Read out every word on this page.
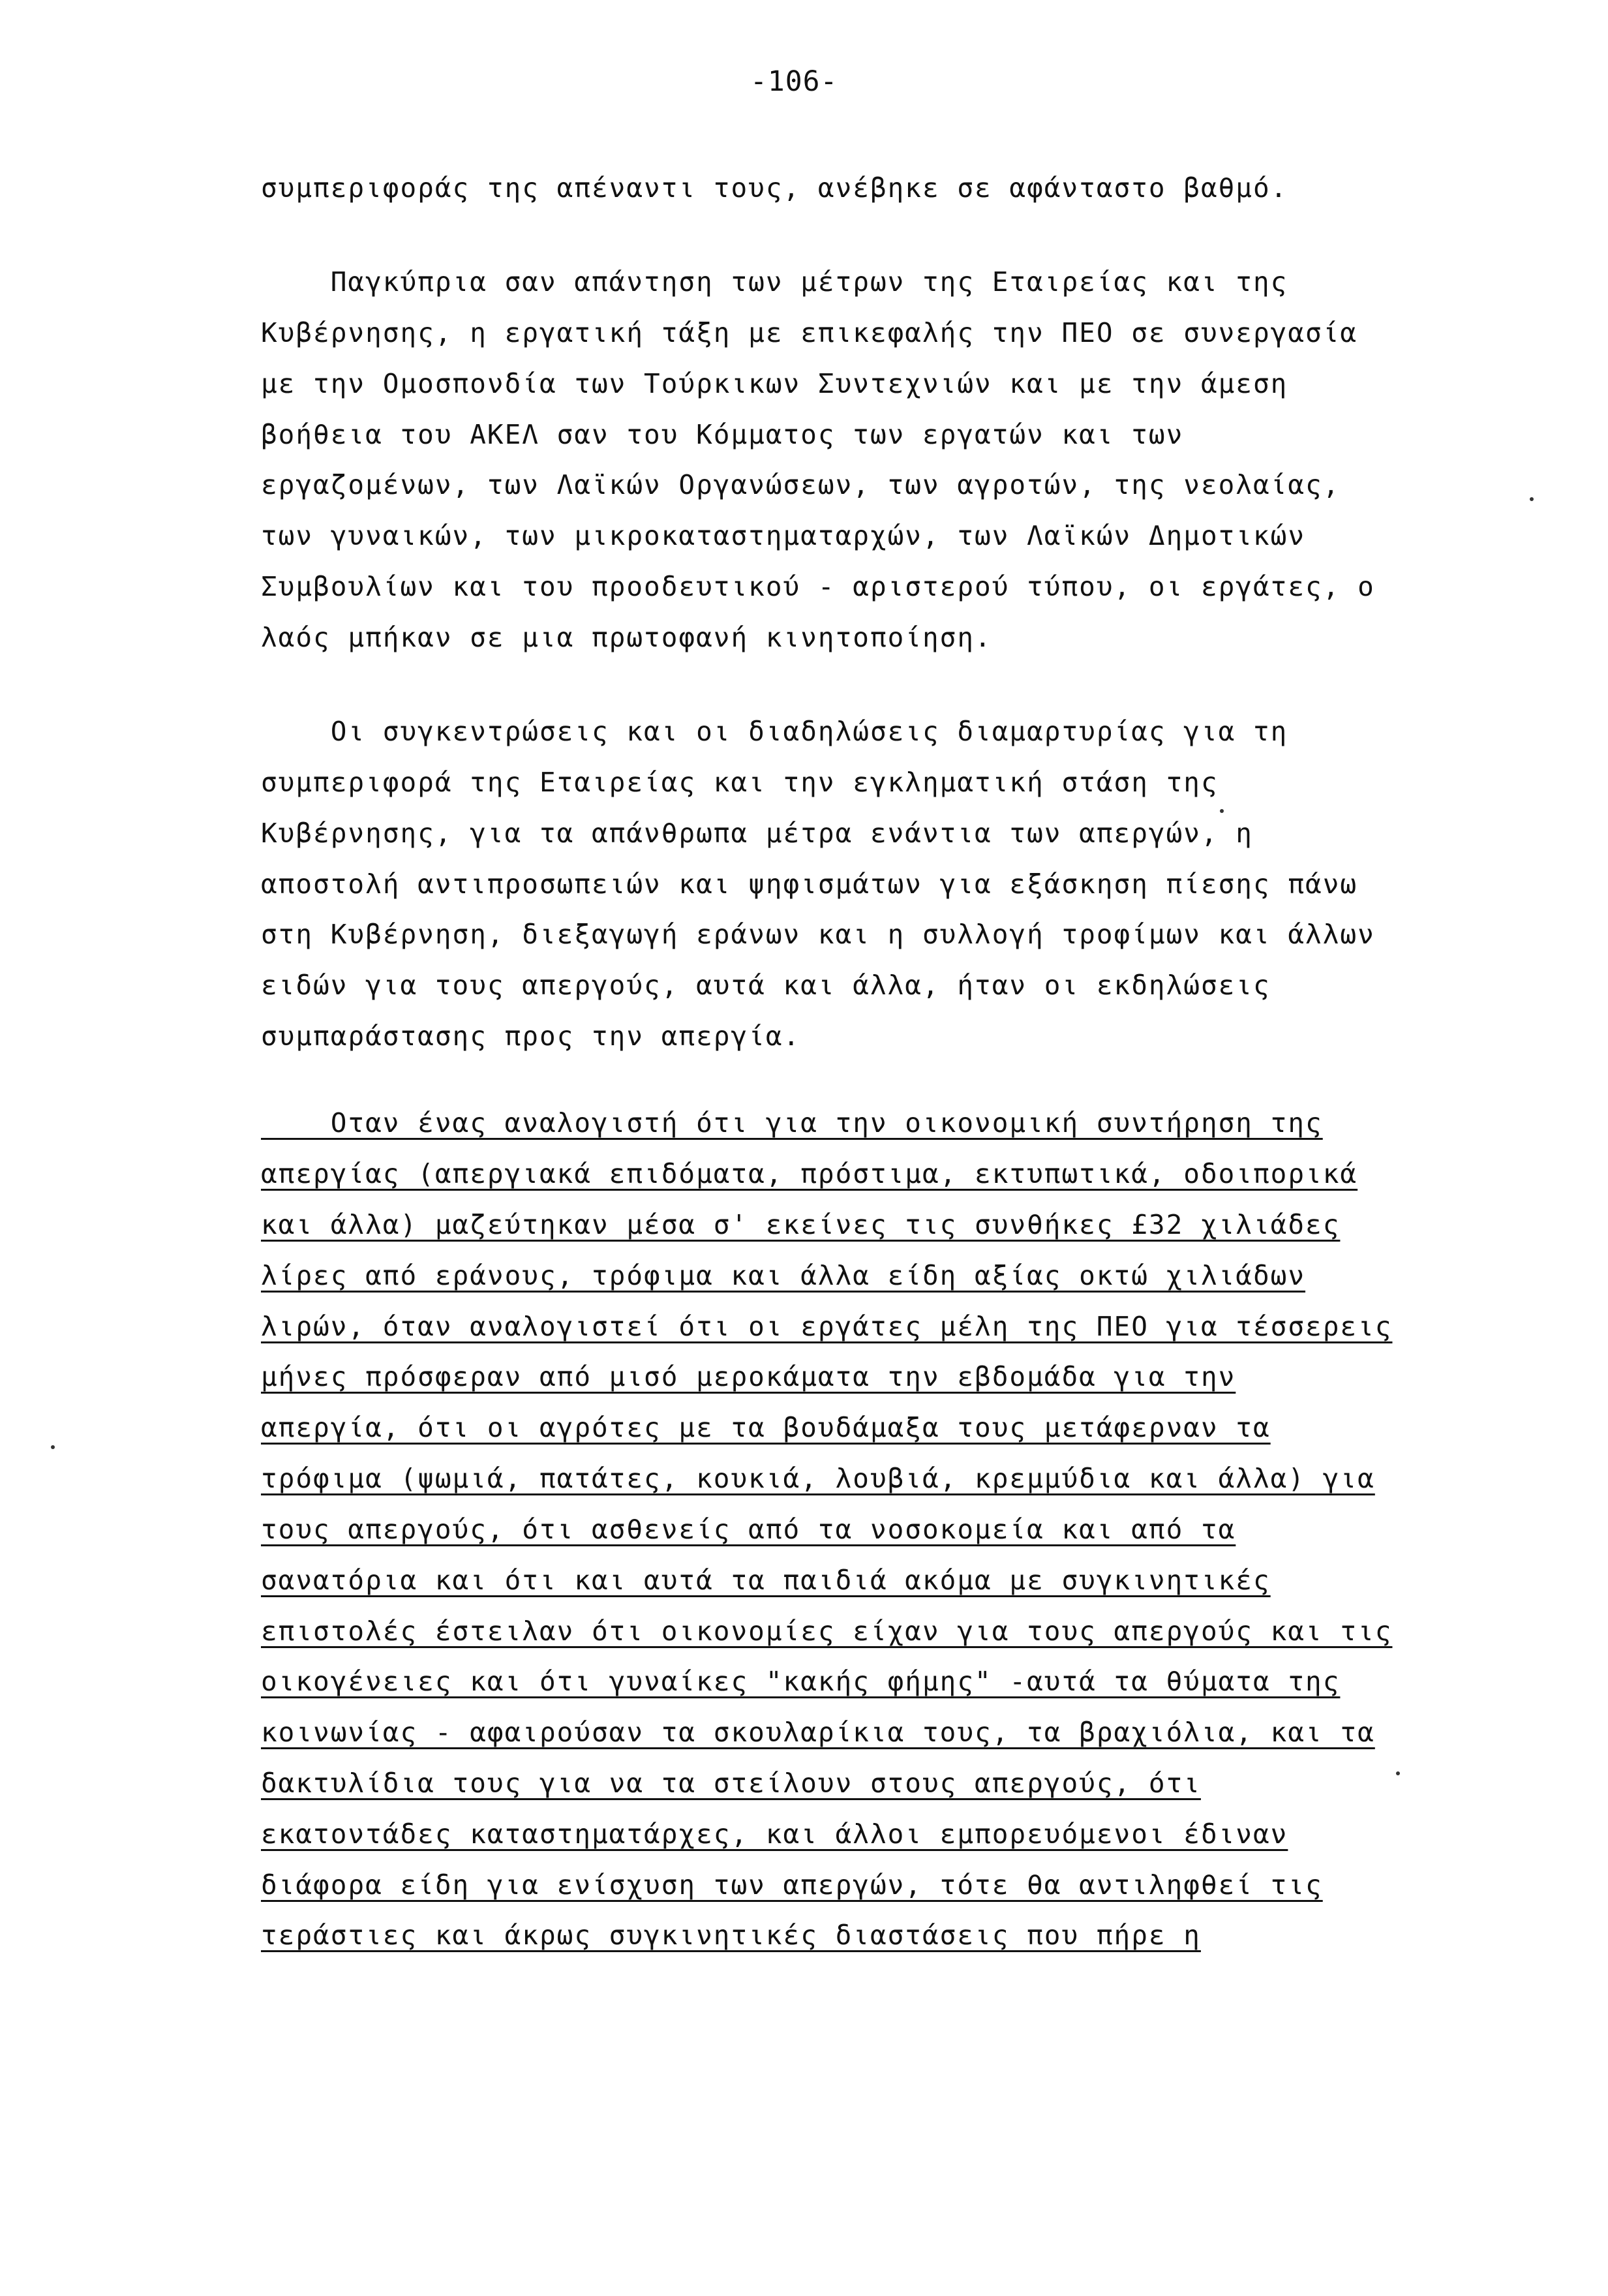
-106-
συμπεριφοράς της απέναντι τους, ανέβηκε σε αφάνταστο βαθμό.
Παγκύπρια σαν απάντηση των μέτρων της Εταιρείας και της
Κυβέρνησης, η εργατική τάξη με επικεφαλής την ΠΕΟ σε συνεργασία
με την Ομοσπονδία των Τούρκικων Συντεχνιών και με την άμεση
βοήθεια του ΑΚΕΛ σαν του Κόμματος των εργατών και των
εργαζομένων, των Λαϊκών Οργανώσεων, των αγροτών, της νεολαίας,
των γυναικών, των μικροκαταστηματαρχών, των Λαϊκών Δημοτικών
Συμβουλίων και του προοδευτικού - αριστερού τύπου, οι εργάτες, ο
λαός μπήκαν σε μια πρωτοφανή κινητοποίηση.
Οι συγκεντρώσεις και οι διαδηλώσεις διαμαρτυρίας για τη
συμπεριφορά της Εταιρείας και την εγκληματική στάση της
Κυβέρνησης, για τα απάνθρωπα μέτρα ενάντια των απεργών, η
αποστολή αντιπροσωπειών και ψηφισμάτων για εξάσκηση πίεσης πάνω
στη Κυβέρνηση, διεξαγωγή εράνων και η συλλογή τροφίμων και άλλων
ειδών για τους απεργούς, αυτά και άλλα, ήταν οι εκδηλώσεις
συμπαράστασης προς την απεργία.
Οταν ένας αναλογιστή ότι για την οικονομική συντήρηση της
απεργίας (απεργιακά επιδόματα, πρόστιμα, εκτυπωτικά, οδοιπορικά
και άλλα) μαζεύτηκαν μέσα σ' εκείνες τις συνθήκες £32 χιλιάδες
λίρες από εράνους, τρόφιμα και άλλα είδη αξίας οκτώ χιλιάδων
λιρών, όταν αναλογιστεί ότι οι εργάτες μέλη της ΠΕΟ για τέσσερεις
μήνες πρόσφεραν από μισό μεροκάματα την εβδομάδα για την
απεργία, ότι οι αγρότες με τα βουδάμαξα τους μετάφερναν τα
τρόφιμα (ψωμιά, πατάτες, κουκιά, λουβιά, κρεμμύδια και άλλα) για
τους απεργούς, ότι ασθενείς από τα νοσοκομεία και από τα
σανατόρια και ότι και αυτά τα παιδιά ακόμα με συγκινητικές
επιστολές έστειλαν ότι οικονομίες είχαν για τους απεργούς και τις
οικογένειες και ότι γυναίκες "κακής φήμης" -αυτά τα θύματα της
κοινωνίας - αφαιρούσαν τα σκουλαρίκια τους, τα βραχιόλια, και τα
δακτυλίδια τους για να τα στείλουν στους απεργούς, ότι
εκατοντάδες καταστηματάρχες, και άλλοι εμπορευόμενοι έδιναν
διάφορα είδη για ενίσχυση των απεργών, τότε θα αντιληφθεί τις
τεράστιες και άκρως συγκινητικές διαστάσεις που πήρε η
